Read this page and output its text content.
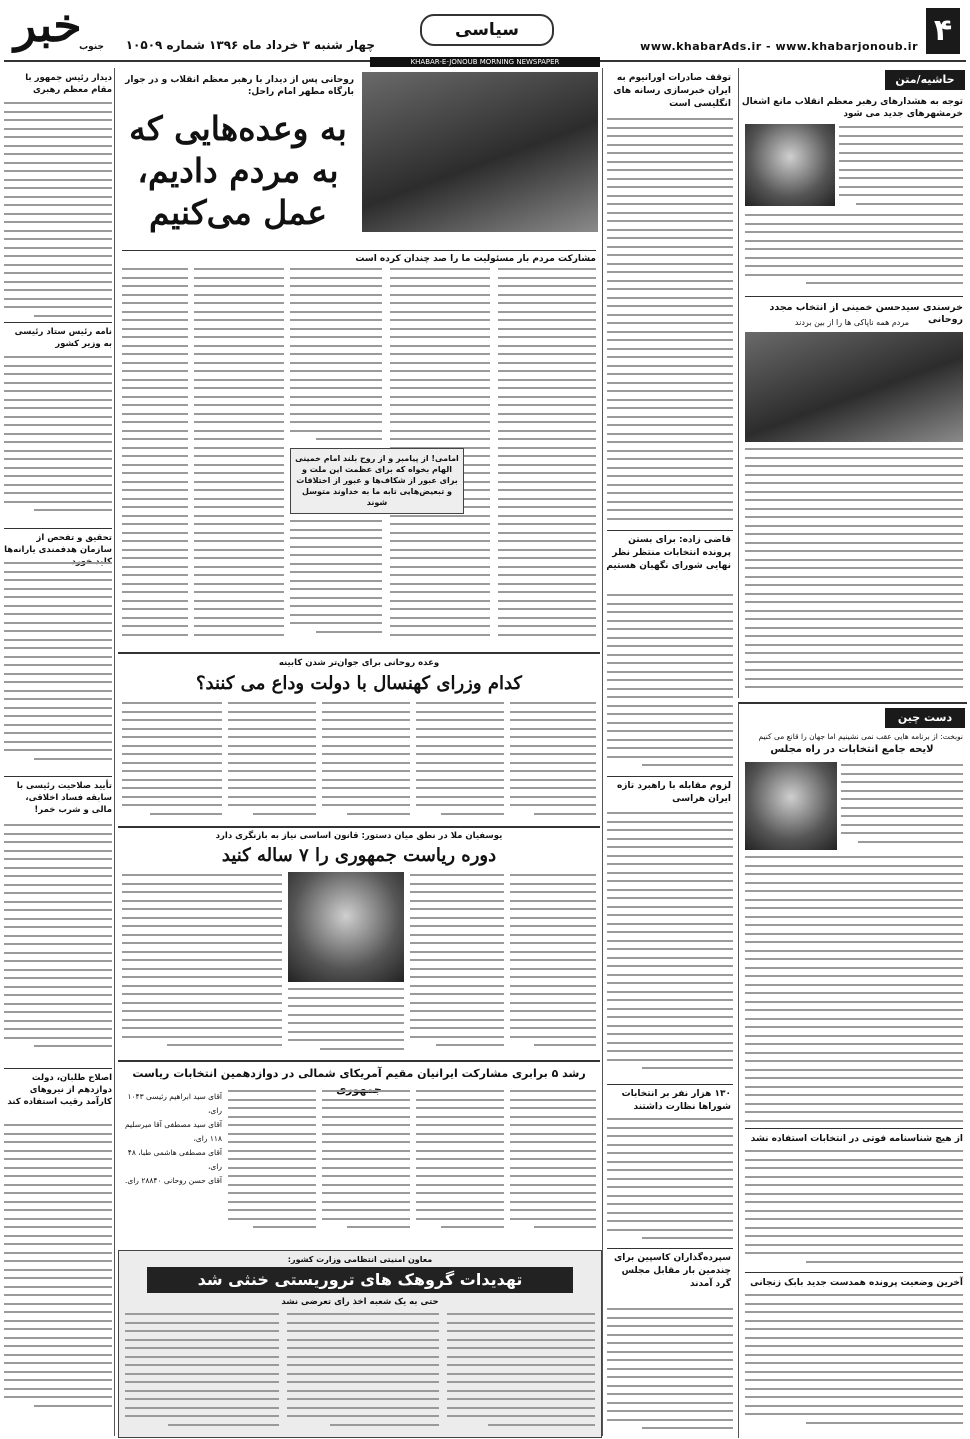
۴
www.khabarAds.ir - www.khabarjonoub.ir
سیاسی
چهار شنبه ۳ خرداد ماه ۱۳۹۶ شماره ۱۰۵۰۹
خبر
جنوب
KHABAR-E-JONOUB MORNING NEWSPAPER
حاشیه/متن
توجه به هشدارهای رهبر معظم انقلاب مانع اشغال خرمشهرهای جدید می شود
خرسندی سیدحسن خمینی از انتخاب مجدد روحانی
مردم همه ناپاکی ها را از بین بردند
دست چین
نوبخت: از برنامه هایی عقب نمی نشینیم اما جهان را قانع می کنیم
لایحه جامع انتخابات در راه مجلس
از هیچ شناسنامه فوتی در انتخابات استفاده نشد
آخرین وضعیت پرونده همدست جدید بابک زنجانی
توقف صادرات اورانیوم به ایران خبرسازی رسانه های انگلیسی است
قاضی زاده: برای بستن پرونده انتخابات منتظر نظر نهایی شورای نگهبان هستیم
لزوم مقابله با راهبرد تازه ایران هراسی
۱۳۰ هزار نفر بر انتخابات شوراها نظارت داشتند
سپرده‌گذاران کاسپین برای چندمین بار مقابل مجلس گرد آمدند
روحانی پس از دیدار با رهبر معظم انقلاب و در جوار بارگاه مطهر امام راحل:
به وعده‌هایی که به مردم دادیم، عمل می‌کنیم
مشارکت مردم بار مسئولیت ما را صد چندان کرده است
امامی! از پیامبر و از روح بلند امام خمینی الهام بخواه که برای عظمت این ملت و برای عبور از شکاف‌ها و عبور از اختلافات و تبعیض‌هایی تابه ما به خداوند متوسل شوند
وعده روحانی برای جوان‌تر شدن کابینه
کدام وزرای کهنسال با دولت وداع می کنند؟
یوسفیان ملا در نطق میان دستور: قانون اساسی نیاز به بازنگری دارد
دوره ریاست جمهوری را ۷ ساله کنید
رشد ۵ برابری مشارکت ایرانیان مقیم آمریکای شمالی در دوازدهمین انتخابات ریاست
آقای سید ابراهیم رئیسی ۱۰۴۳ رای،
آقای سید مصطفی آقا میرسلیم ۱۱۸ رای،
آقای مصطفی هاشمی طبا، ۴۸ رای،
آقای حسن روحانی ۲۸۸۴۰ رای.
معاون امنیتی انتظامی وزارت کشور:
تهدیدات گروهک های تروریستی خنثی شد
حتی به یک شعبه اخذ رای تعرضی نشد
دیدار رئیس جمهور با مقام معظم رهبری
نامه رئیس ستاد رئیسی به وزیر کشور
تحقیق و تفحص از سازمان هدفمندی یارانه‌ها
تأیید صلاحیت رئیسی با سابقه فساد اخلاقی، مالی و شرب خمر!
اصلاح طلبان، دولت دوازدهم از نیروهای کارآمد رقیب استفاده کند
